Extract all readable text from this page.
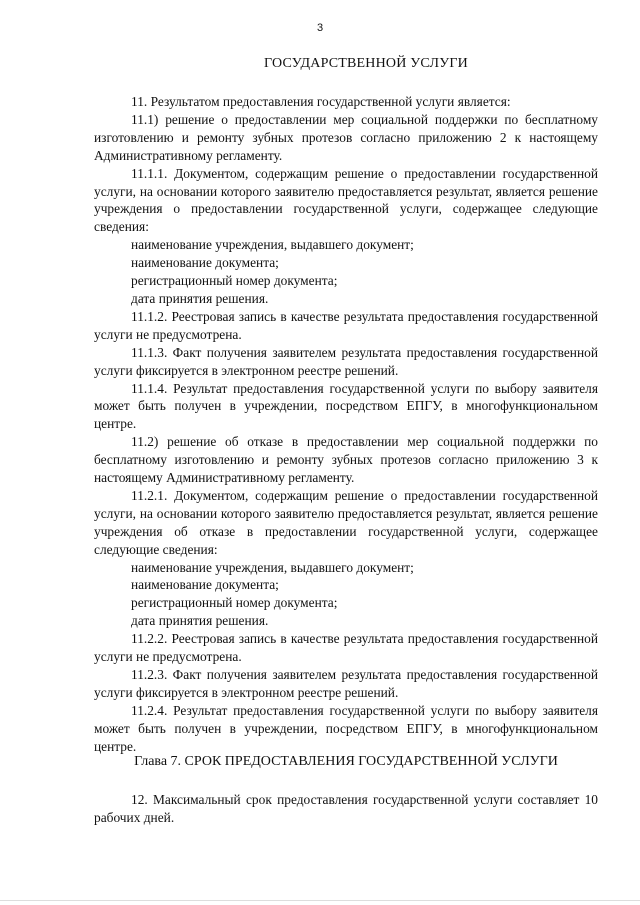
3
ГОСУДАРСТВЕННОЙ УСЛУГИ

11. Результатом предоставления государственной услуги является:

11.1) решение о предоставлении мер социальной поддержки по бесплатному изготовлению и ремонту зубных протезов согласно приложению 2 к настоящему Административному регламенту.

11.1.1. Документом, содержащим решение о предоставлении государственной услуги, на основании которого заявителю предоставляется результат, является решение учреждения о предоставлении государственной услуги, содержащее следующие сведения:

наименование учреждения, выдавшего документ;

наименование документа;

регистрационный номер документа;

дата принятия решения.

11.1.2. Реестровая запись в качестве результата предоставления государственной услуги не предусмотрена.

11.1.3. Факт получения заявителем результата предоставления государственной услуги фиксируется в электронном реестре решений.

11.1.4. Результат предоставления государственной услуги по выбору заявителя может быть получен в учреждении, посредством ЕПГУ, в многофункциональном центре.

11.2) решение об отказе в предоставлении мер социальной поддержки по бесплатному изготовлению и ремонту зубных протезов согласно приложению 3 к настоящему Административному регламенту.

11.2.1. Документом, содержащим решение о предоставлении государственной услуги, на основании которого заявителю предоставляется результат, является решение учреждения об отказе в предоставлении государственной услуги, содержащее следующие сведения:

наименование учреждения, выдавшего документ;

наименование документа;

регистрационный номер документа;

дата принятия решения.

11.2.2. Реестровая запись в качестве результата предоставления государственной услуги не предусмотрена.

11.2.3. Факт получения заявителем результата предоставления государственной услуги фиксируется в электронном реестре решений.

11.2.4. Результат предоставления государственной услуги по выбору заявителя может быть получен в учреждении, посредством ЕПГУ, в многофункциональном центре.

Глава 7. СРОК ПРЕДОСТАВЛЕНИЯ ГОСУДАРСТВЕННОЙ УСЛУГИ

12. Максимальный срок предоставления государственной услуги составляет 10 рабочих дней.
